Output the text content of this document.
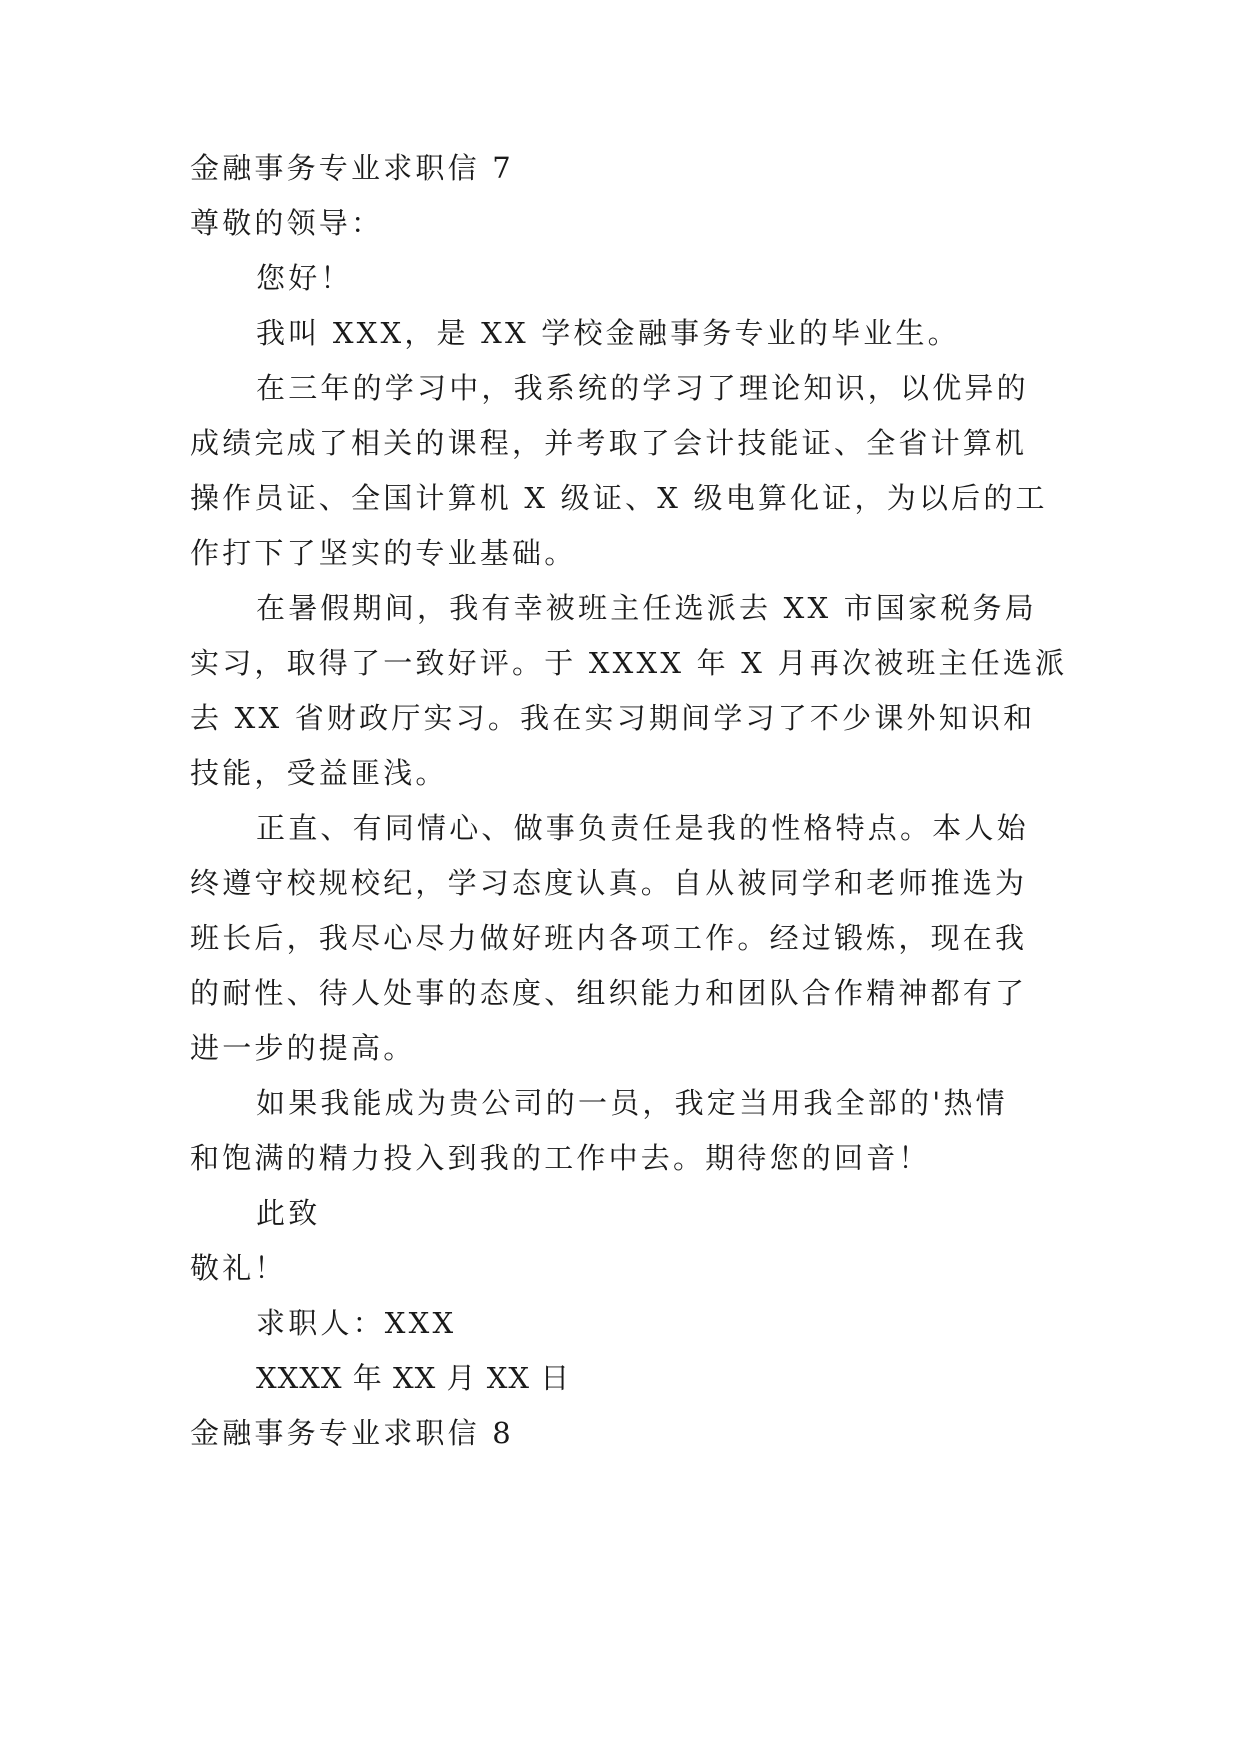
金融事务专业求职信 7
尊敬的领导：
您好！
我叫 XXX，是 XX 学校金融事务专业的毕业生。
在三年的学习中，我系统的学习了理论知识，以优异的
成绩完成了相关的课程，并考取了会计技能证、全省计算机
操作员证、全国计算机 X 级证、X 级电算化证，为以后的工
作打下了坚实的专业基础。
在暑假期间，我有幸被班主任选派去 XX 市国家税务局
实习，取得了一致好评。于 XXXX 年 X 月再次被班主任选派
去 XX 省财政厅实习。我在实习期间学习了不少课外知识和
技能，受益匪浅。
正直、有同情心、做事负责任是我的性格特点。本人始
终遵守校规校纪，学习态度认真。自从被同学和老师推选为
班长后，我尽心尽力做好班内各项工作。经过锻炼，现在我
的耐性、待人处事的态度、组织能力和团队合作精神都有了
进一步的提高。
如果我能成为贵公司的一员，我定当用我全部的'热情
和饱满的精力投入到我的工作中去。期待您的回音！
此致
敬礼！
求职人：XXX
XXXX 年 XX 月 XX 日
金融事务专业求职信 8
